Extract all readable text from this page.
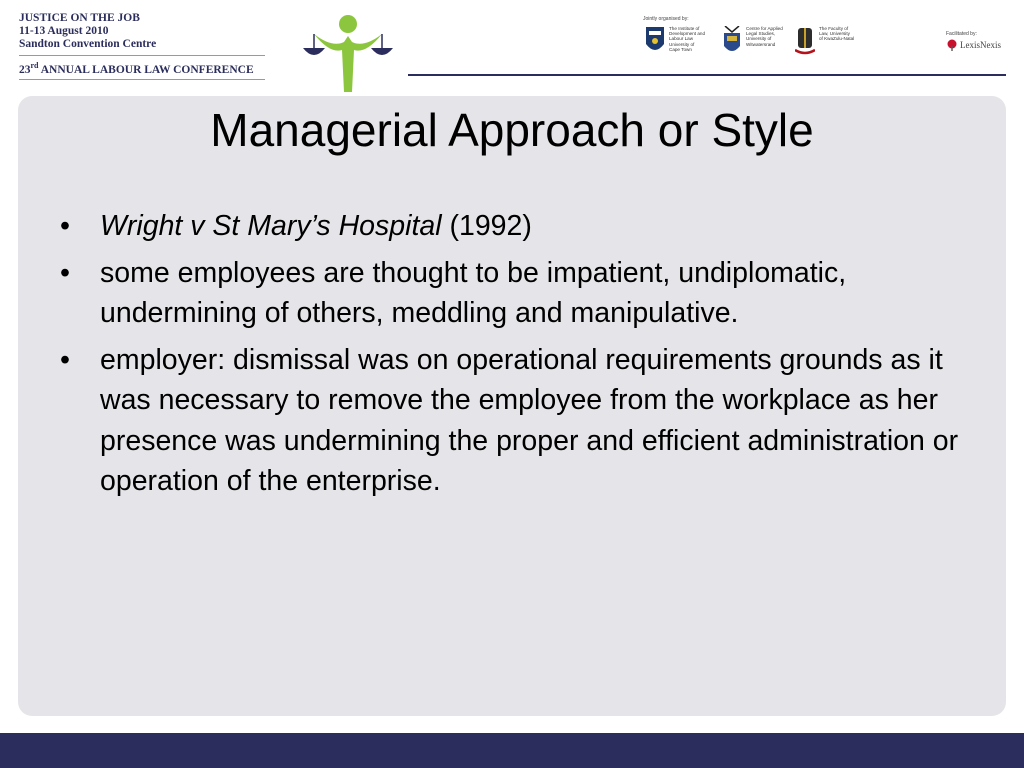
JUSTICE ON THE JOB
11-13 August 2010
Sandton Convention Centre
23rd ANNUAL LABOUR LAW CONFERENCE
Jointly organised by:
The Institute of
Development and
Labour Law
University of
Cape Town
Centre for Applied
Legal Studies,
University of
Witwatersrand
The Faculty of
Law, University
of KwaZulu-Natal
Facilitated by:
LexisNexis
Managerial Approach or Style
• Wright v St Mary’s Hospital (1992)
• some employees are thought to be impatient, undiplomatic, undermining of others, meddling and manipulative.
• employer: dismissal was on operational requirements grounds as it was necessary to remove the employee from the workplace as her presence was undermining the proper and efficient administration or operation of the enterprise.
